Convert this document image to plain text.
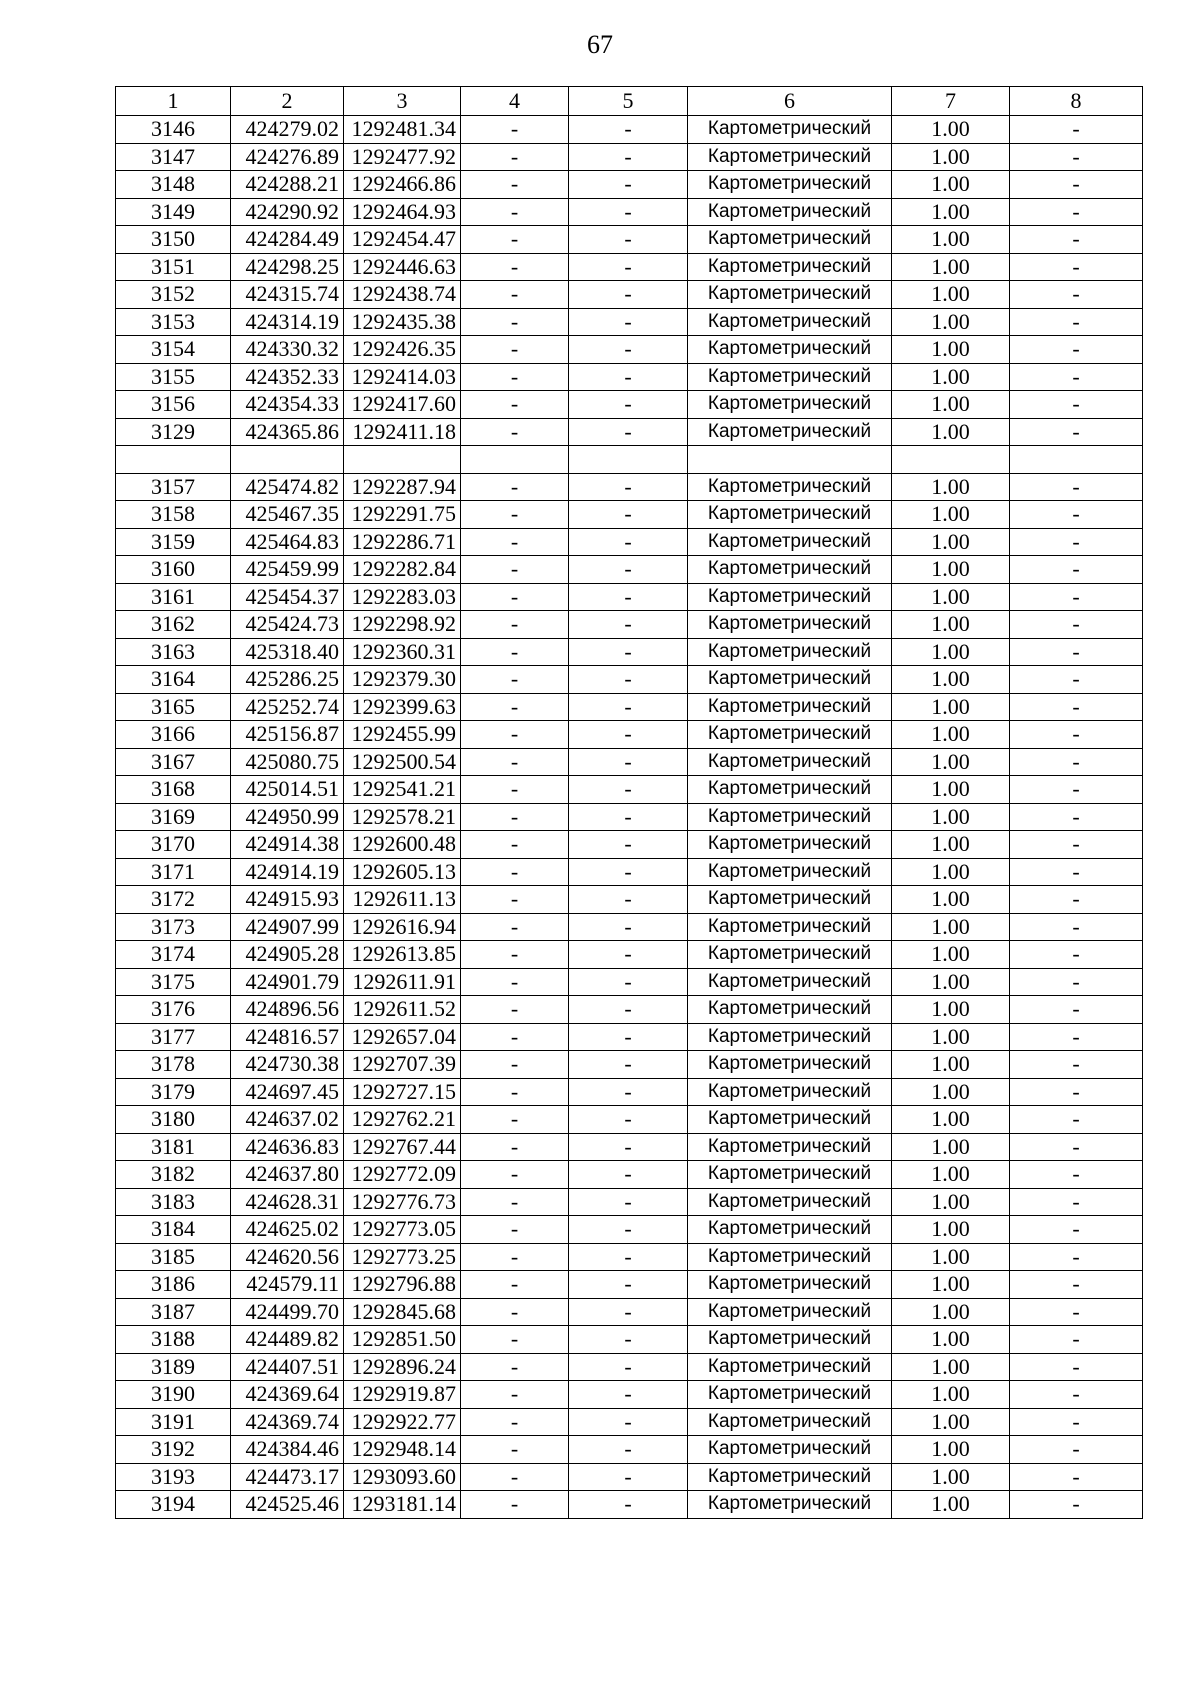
67
1	2	3	4	5	6	7	8
3146	424279.02	1292481.34	-	-	Картометрический	1.00	-
3147	424276.89	1292477.92	-	-	Картометрический	1.00	-
3148	424288.21	1292466.86	-	-	Картометрический	1.00	-
3149	424290.92	1292464.93	-	-	Картометрический	1.00	-
3150	424284.49	1292454.47	-	-	Картометрический	1.00	-
3151	424298.25	1292446.63	-	-	Картометрический	1.00	-
3152	424315.74	1292438.74	-	-	Картометрический	1.00	-
3153	424314.19	1292435.38	-	-	Картометрический	1.00	-
3154	424330.32	1292426.35	-	-	Картометрический	1.00	-
3155	424352.33	1292414.03	-	-	Картометрический	1.00	-
3156	424354.33	1292417.60	-	-	Картометрический	1.00	-
3129	424365.86	1292411.18	-	-	Картометрический	1.00	-

3157	425474.82	1292287.94	-	-	Картометрический	1.00	-
3158	425467.35	1292291.75	-	-	Картометрический	1.00	-
3159	425464.83	1292286.71	-	-	Картометрический	1.00	-
3160	425459.99	1292282.84	-	-	Картометрический	1.00	-
3161	425454.37	1292283.03	-	-	Картометрический	1.00	-
3162	425424.73	1292298.92	-	-	Картометрический	1.00	-
3163	425318.40	1292360.31	-	-	Картометрический	1.00	-
3164	425286.25	1292379.30	-	-	Картометрический	1.00	-
3165	425252.74	1292399.63	-	-	Картометрический	1.00	-
3166	425156.87	1292455.99	-	-	Картометрический	1.00	-
3167	425080.75	1292500.54	-	-	Картометрический	1.00	-
3168	425014.51	1292541.21	-	-	Картометрический	1.00	-
3169	424950.99	1292578.21	-	-	Картометрический	1.00	-
3170	424914.38	1292600.48	-	-	Картометрический	1.00	-
3171	424914.19	1292605.13	-	-	Картометрический	1.00	-
3172	424915.93	1292611.13	-	-	Картометрический	1.00	-
3173	424907.99	1292616.94	-	-	Картометрический	1.00	-
3174	424905.28	1292613.85	-	-	Картометрический	1.00	-
3175	424901.79	1292611.91	-	-	Картометрический	1.00	-
3176	424896.56	1292611.52	-	-	Картометрический	1.00	-
3177	424816.57	1292657.04	-	-	Картометрический	1.00	-
3178	424730.38	1292707.39	-	-	Картометрический	1.00	-
3179	424697.45	1292727.15	-	-	Картометрический	1.00	-
3180	424637.02	1292762.21	-	-	Картометрический	1.00	-
3181	424636.83	1292767.44	-	-	Картометрический	1.00	-
3182	424637.80	1292772.09	-	-	Картометрический	1.00	-
3183	424628.31	1292776.73	-	-	Картометрический	1.00	-
3184	424625.02	1292773.05	-	-	Картометрический	1.00	-
3185	424620.56	1292773.25	-	-	Картометрический	1.00	-
3186	424579.11	1292796.88	-	-	Картометрический	1.00	-
3187	424499.70	1292845.68	-	-	Картометрический	1.00	-
3188	424489.82	1292851.50	-	-	Картометрический	1.00	-
3189	424407.51	1292896.24	-	-	Картометрический	1.00	-
3190	424369.64	1292919.87	-	-	Картометрический	1.00	-
3191	424369.74	1292922.77	-	-	Картометрический	1.00	-
3192	424384.46	1292948.14	-	-	Картометрический	1.00	-
3193	424473.17	1293093.60	-	-	Картометрический	1.00	-
3194	424525.46	1293181.14	-	-	Картометрический	1.00	-
